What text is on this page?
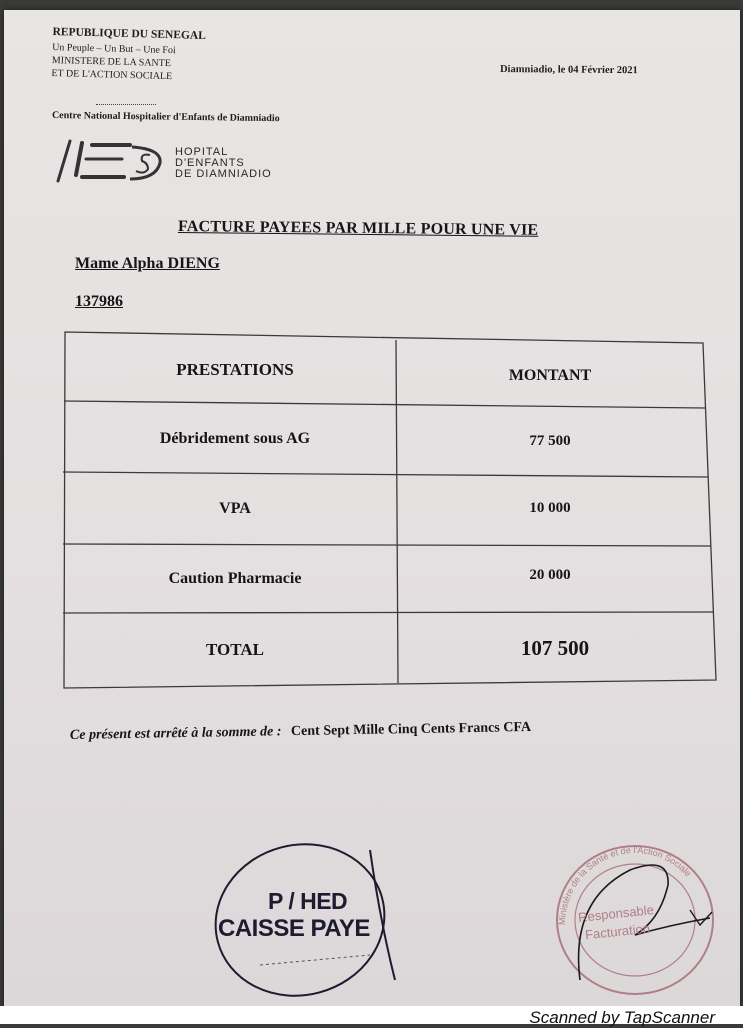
REPUBLIQUE DU SENEGAL
Un Peuple – Un But – Une Foi
MINISTERE DE LA SANTE
ET DE L'ACTION SOCIALE
Centre National Hospitalier d'Enfants de Diamniadio
Diamniadio, le 04 Février 2021
HOPITAL
D'ENFANTS
DE DIAMNIADIO
FACTURE PAYEES PAR MILLE POUR UNE VIE
Mame Alpha DIENG
137986
PRESTATIONS	MONTANT
Débridement sous AG	77 500
VPA	10 000
Caution Pharmacie	20 000
TOTAL	107 500
Ce présent est arrêté à la somme de : Cent Sept Mille Cinq Cents Francs CFA
P / HED
CAISSE PAYE	Ministère de la Santé et de l'Action Sociale
Responsable
Facturation
Scanned by TapScanner
